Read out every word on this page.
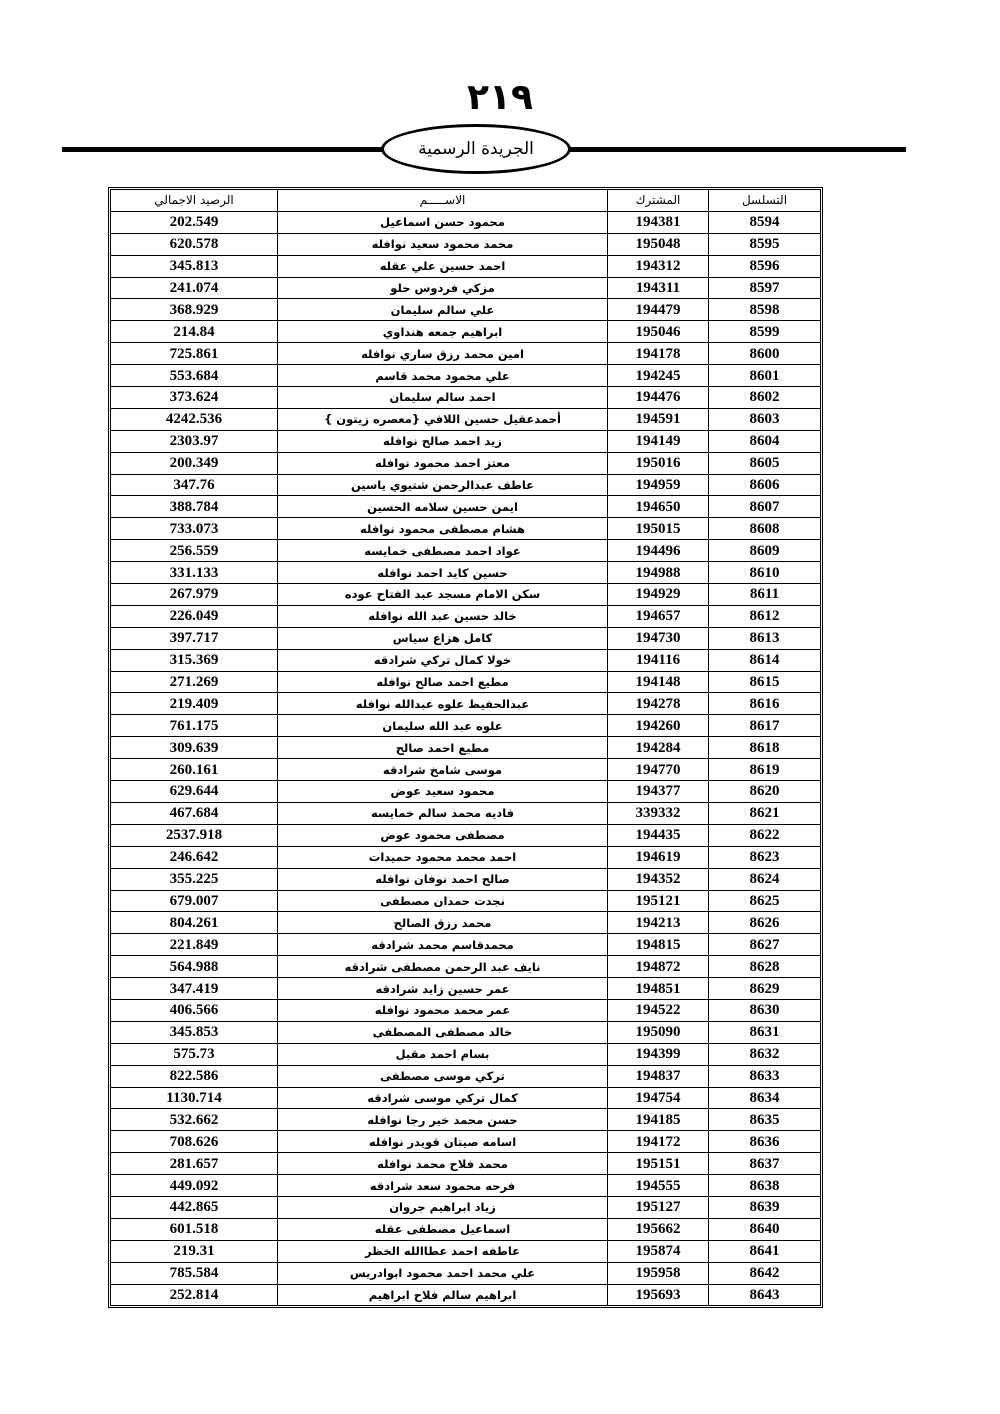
٢١٩
الجريدة الرسمية
الرصيد الاجمالي	الاســـــم	المشترك	التسلسل
202.549	محمود حسن اسماعيل	194381	8594
620.578	محمد محمود سعيد نوافله	195048	8595
345.813	احمد حسين علي عقله	194312	8596
241.074	مزكي فردوس حلو	194311	8597
368.929	علي سالم سليمان	194479	8598
214.84	ابراهيم جمعه هنداوي	195046	8599
725.861	امين محمد رزق ساري نوافله	194178	8600
553.684	علي محمود محمد قاسم	194245	8601
373.624	احمد سالم سليمان	194476	8602
4242.536	أحمدعقيل حسين اللافي {معصره زيتون }	194591	8603
2303.97	زيد احمد صالح نوافله	194149	8604
200.349	معتز احمد محمود نوافله	195016	8605
347.76	عاطف عبدالرحمن شتيوي ياسين	194959	8606
388.784	ايمن حسين سلامه الحسين	194650	8607
733.073	هشام مصطفى محمود نوافله	195015	8608
256.559	عواد احمد مصطفى خمايسه	194496	8609
331.133	حسين كايد احمد نوافله	194988	8610
267.979	سكن الامام مسجد عبد الفتاح عوده	194929	8611
226.049	خالد حسين عبد الله نوافله	194657	8612
397.717	كامل هزاع سياس	194730	8613
315.369	خولا كمال تركي شرادقه	194116	8614
271.269	مطيع احمد صالح نوافله	194148	8615
219.409	عبدالحفيظ علوه عبدالله نوافله	194278	8616
761.175	علوه عبد الله سليمان	194260	8617
309.639	مطيع احمد صالح	194284	8618
260.161	موسى شامخ شرادقه	194770	8619
629.644	محمود سعيد عوض	194377	8620
467.684	فاديه محمد سالم خمايسه	339332	8621
2537.918	مصطفى محمود عوض	194435	8622
246.642	احمد محمد محمود حميدات	194619	8623
355.225	صالح احمد نوفان نوافله	194352	8624
679.007	نجدت حمدان مصطفى	195121	8625
804.261	محمد رزق الصالح	194213	8626
221.849	محمدقاسم محمد شرادقه	194815	8627
564.988	نايف عبد الرحمن مصطفى شرادقه	194872	8628
347.419	عمر حسين زايد شرادقه	194851	8629
406.566	عمر محمد محمود نوافله	194522	8630
345.853	خالد مصطفى المصطفى	195090	8631
575.73	بسام احمد مقبل	194399	8632
822.586	تركي موسى مصطفى	194837	8633
1130.714	كمال تركي موسى شرادقه	194754	8634
532.662	حسن محمد خير رجا نوافله	194185	8635
708.626	اسامه صيتان قويدر نوافله	194172	8636
281.657	محمد فلاح محمد نوافله	195151	8637
449.092	فرحه محمود سعد شرادقه	194555	8638
442.865	زياد ابراهيم جروان	195127	8639
601.518	اسماعيل مصطفى عقله	195662	8640
219.31	عاطفه احمد عطاالله الخظر	195874	8641
785.584	علي محمد احمد محمود ابوادريس	195958	8642
252.814	ابراهيم سالم فلاح ابراهيم	195693	8643
